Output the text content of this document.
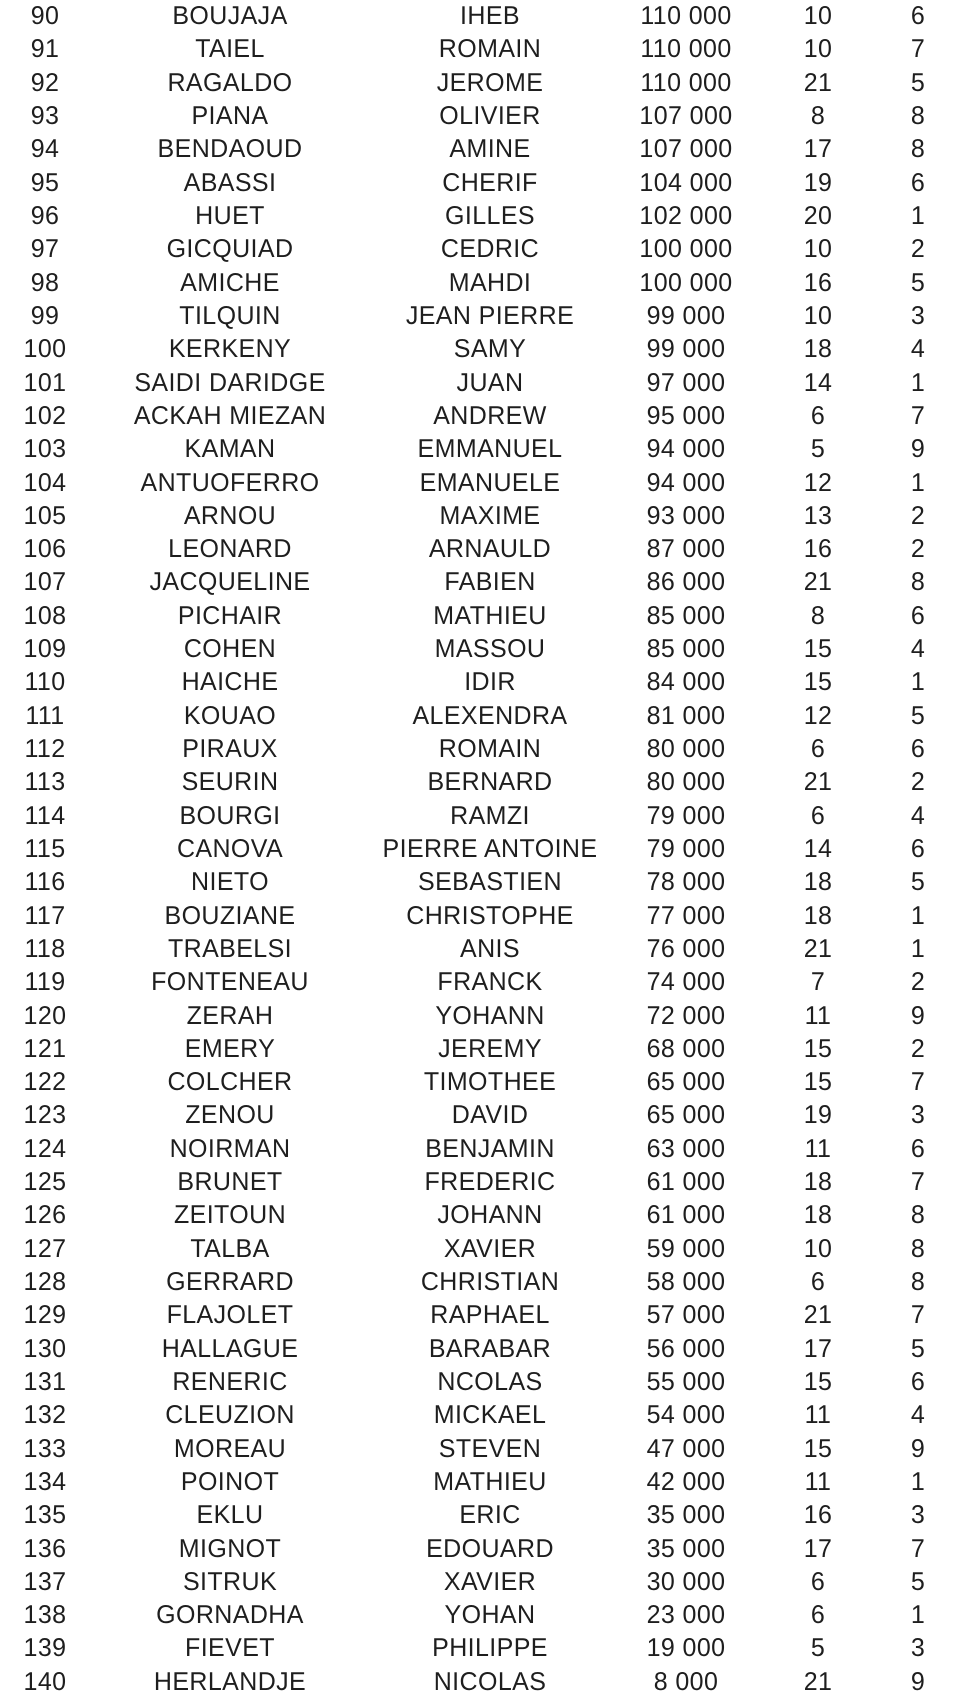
90	BOUJAJA	IHEB	110 000	10	6
91	TAIEL	ROMAIN	110 000	10	7
92	RAGALDO	JEROME	110 000	21	5
93	PIANA	OLIVIER	107 000	8	8
94	BENDAOUD	AMINE	107 000	17	8
95	ABASSI	CHERIF	104 000	19	6
96	HUET	GILLES	102 000	20	1
97	GICQUIAD	CEDRIC	100 000	10	2
98	AMICHE	MAHDI	100 000	16	5
99	TILQUIN	JEAN PIERRE	99 000	10	3
100	KERKENY	SAMY	99 000	18	4
101	SAIDI DARIDGE	JUAN	97 000	14	1
102	ACKAH MIEZAN	ANDREW	95 000	6	7
103	KAMAN	EMMANUEL	94 000	5	9
104	ANTUOFERRO	EMANUELE	94 000	12	1
105	ARNOU	MAXIME	93 000	13	2
106	LEONARD	ARNAULD	87 000	16	2
107	JACQUELINE	FABIEN	86 000	21	8
108	PICHAIR	MATHIEU	85 000	8	6
109	COHEN	MASSOU	85 000	15	4
110	HAICHE	IDIR	84 000	15	1
111	KOUAO	ALEXENDRA	81 000	12	5
112	PIRAUX	ROMAIN	80 000	6	6
113	SEURIN	BERNARD	80 000	21	2
114	BOURGI	RAMZI	79 000	6	4
115	CANOVA	PIERRE ANTOINE	79 000	14	6
116	NIETO	SEBASTIEN	78 000	18	5
117	BOUZIANE	CHRISTOPHE	77 000	18	1
118	TRABELSI	ANIS	76 000	21	1
119	FONTENEAU	FRANCK	74 000	7	2
120	ZERAH	YOHANN	72 000	11	9
121	EMERY	JEREMY	68 000	15	2
122	COLCHER	TIMOTHEE	65 000	15	7
123	ZENOU	DAVID	65 000	19	3
124	NOIRMAN	BENJAMIN	63 000	11	6
125	BRUNET	FREDERIC	61 000	18	7
126	ZEITOUN	JOHANN	61 000	18	8
127	TALBA	XAVIER	59 000	10	8
128	GERRARD	CHRISTIAN	58 000	6	8
129	FLAJOLET	RAPHAEL	57 000	21	7
130	HALLAGUE	BARABAR	56 000	17	5
131	RENERIC	NCOLAS	55 000	15	6
132	CLEUZION	MICKAEL	54 000	11	4
133	MOREAU	STEVEN	47 000	15	9
134	POINOT	MATHIEU	42 000	11	1
135	EKLU	ERIC	35 000	16	3
136	MIGNOT	EDOUARD	35 000	17	7
137	SITRUK	XAVIER	30 000	6	5
138	GORNADHA	YOHAN	23 000	6	1
139	FIEVET	PHILIPPE	19 000	5	3
140	HERLANDJE	NICOLAS	8 000	21	9
